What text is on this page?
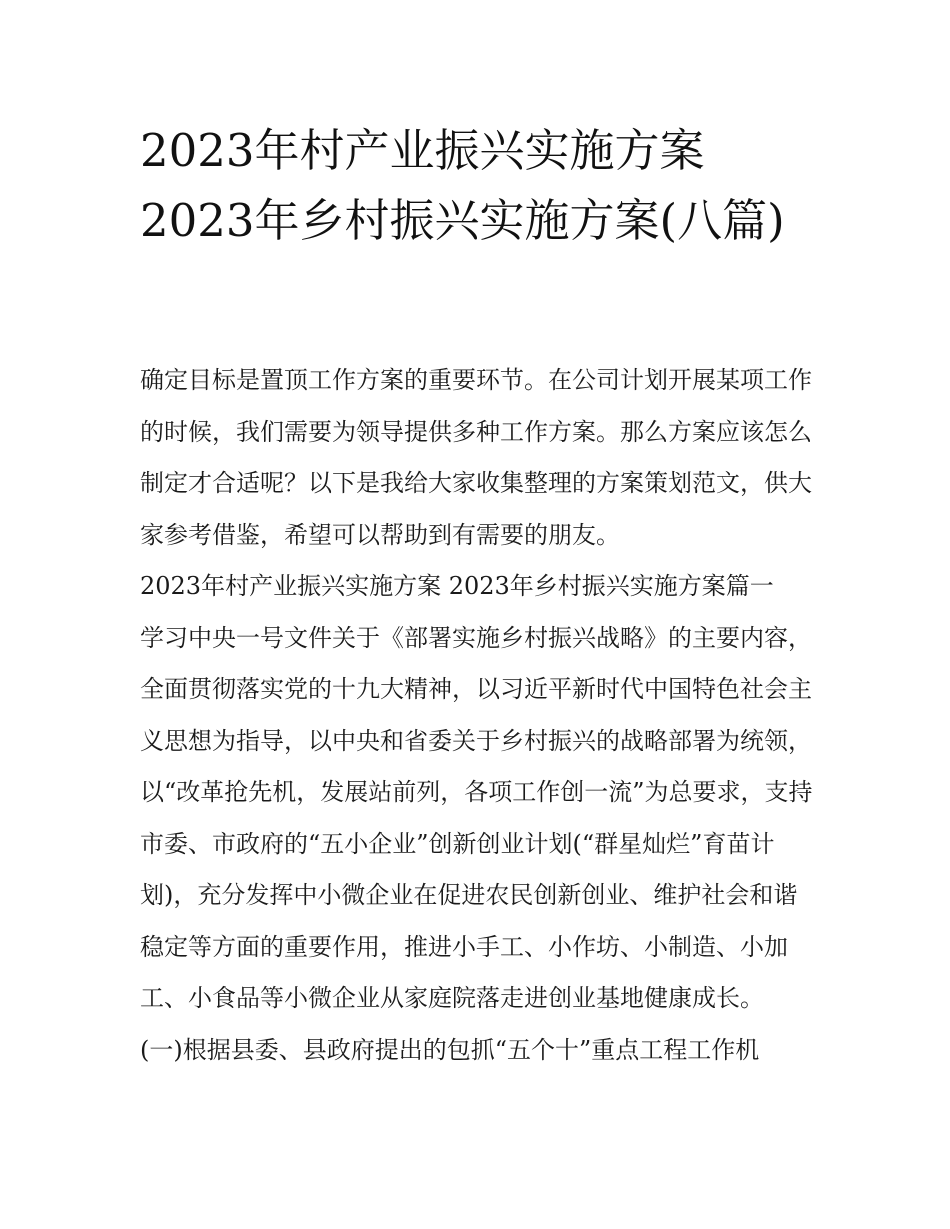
2023年村产业振兴实施方案
2023年乡村振兴实施方案(八篇)

确定目标是置顶工作方案的重要环节。在公司计划开展某项工作的时候，我们需要为领导提供多种工作方案。那么方案应该怎么制定才合适呢？以下是我给大家收集整理的方案策划范文，供大家参考借鉴，希望可以帮助到有需要的朋友。

2023年村产业振兴实施方案 2023年乡村振兴实施方案篇一

学习中央一号文件关于《部署实施乡村振兴战略》的主要内容，全面贯彻落实党的十九大精神，以习近平新时代中国特色社会主义思想为指导，以中央和省委关于乡村振兴的战略部署为统领，以“改革抢先机，发展站前列，各项工作创一流”为总要求，支持市委、市政府的“五小企业”创新创业计划(“群星灿烂”育苗计划)，充分发挥中小微企业在促进农民创新创业、维护社会和谐稳定等方面的重要作用，推进小手工、小作坊、小制造、小加工、小食品等小微企业从家庭院落走进创业基地健康成长。

(一)根据县委、县政府提出的包抓“五个十”重点工程工作机
